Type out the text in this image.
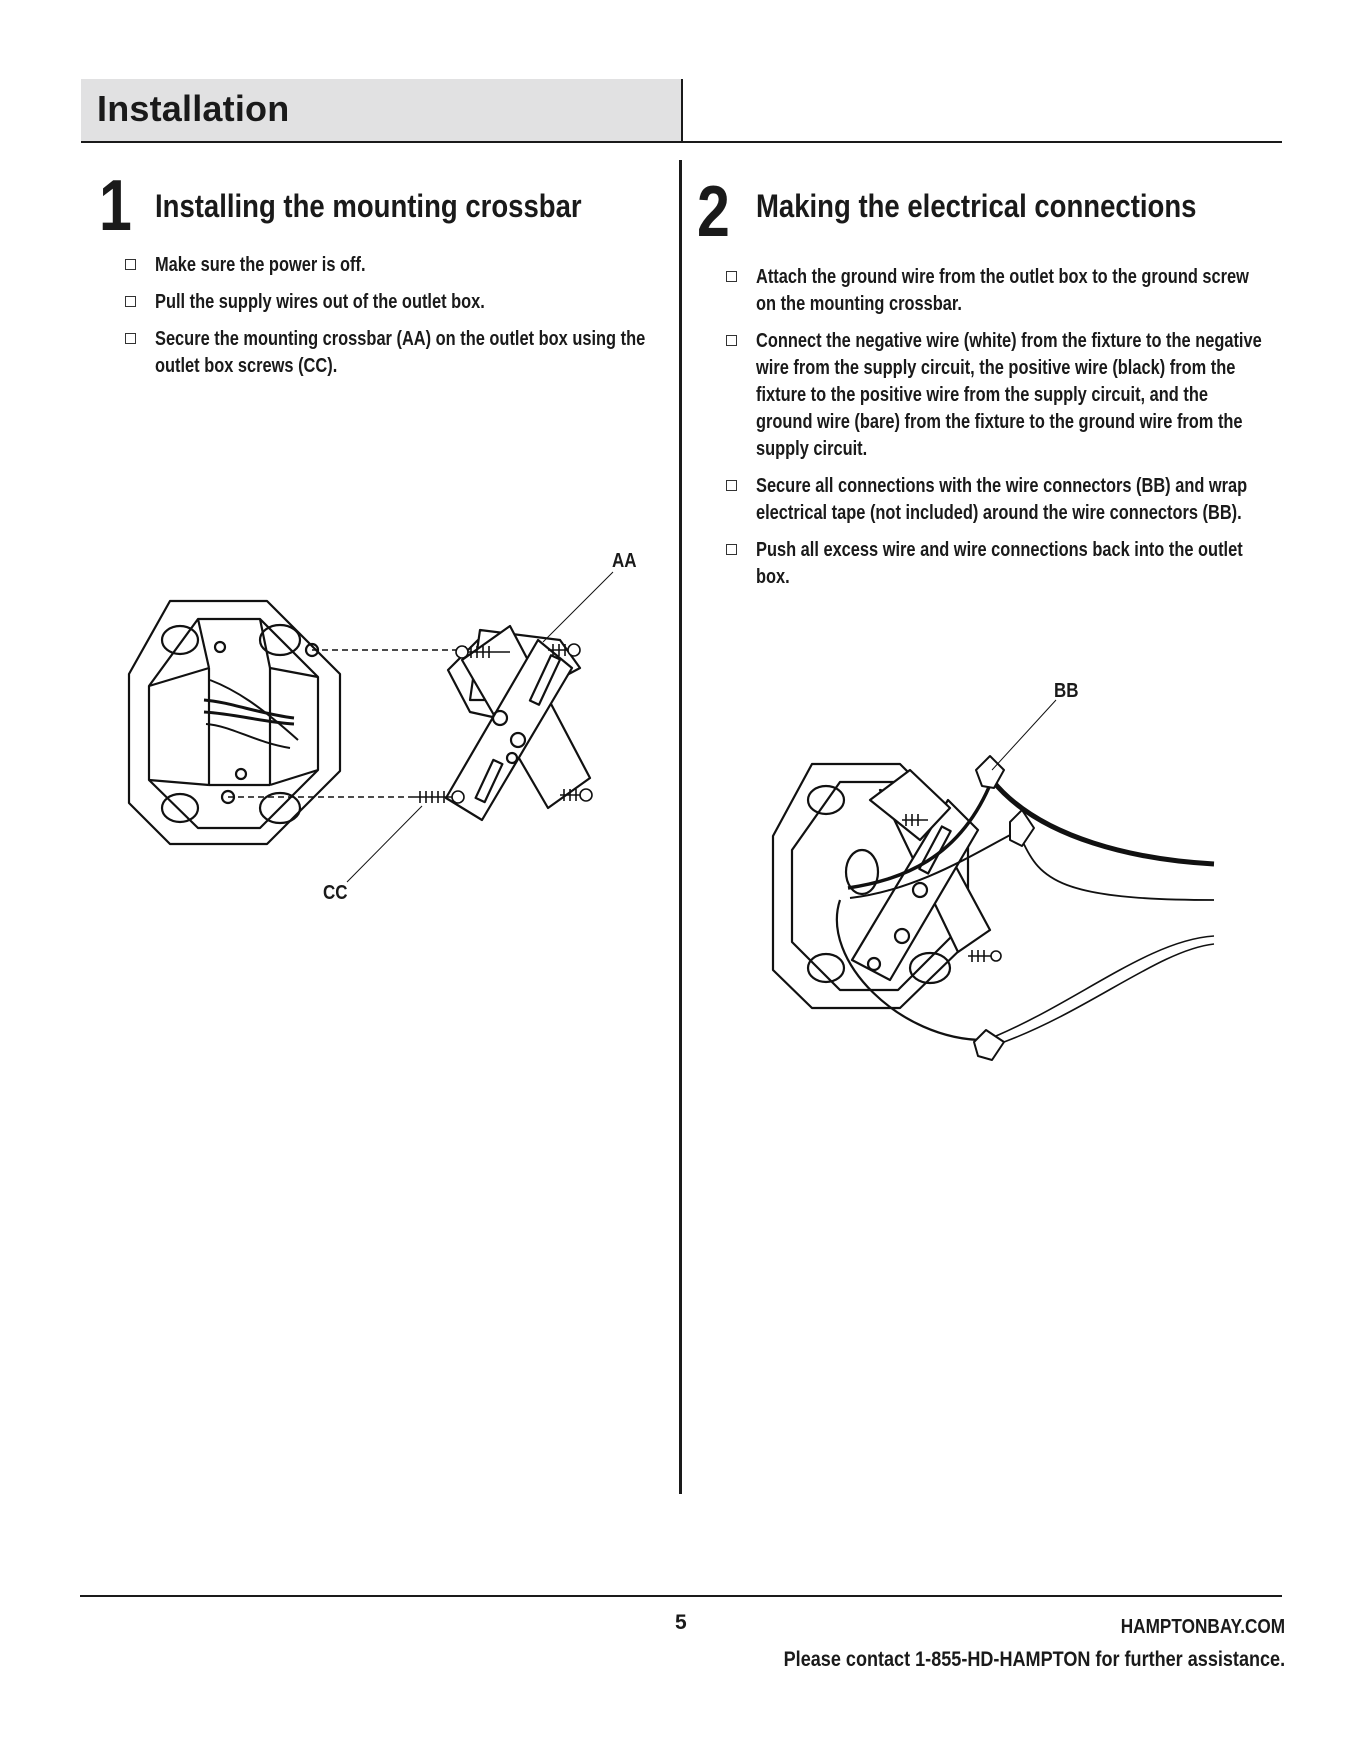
Installation
1 Installing the mounting crossbar
Make sure the power is off.
Pull the supply wires out of the outlet box.
Secure the mounting crossbar (AA) on the outlet box using the outlet box screws (CC).
AA
CC
2 Making the electrical connections
Attach the ground wire from the outlet box to the ground screw on the mounting crossbar.
Connect the negative wire (white) from the fixture to the negative wire from the supply circuit, the positive wire (black) from the fixture to the positive wire from the supply circuit, and the ground wire (bare) from the fixture to the ground wire from the supply circuit.
Secure all connections with the wire connectors (BB) and wrap electrical tape (not included) around the wire connectors (BB).
Push all excess wire and wire connections back into the outlet box.
BB
5	HAMPTONBAY.COM
Please contact 1-855-HD-HAMPTON for further assistance.
